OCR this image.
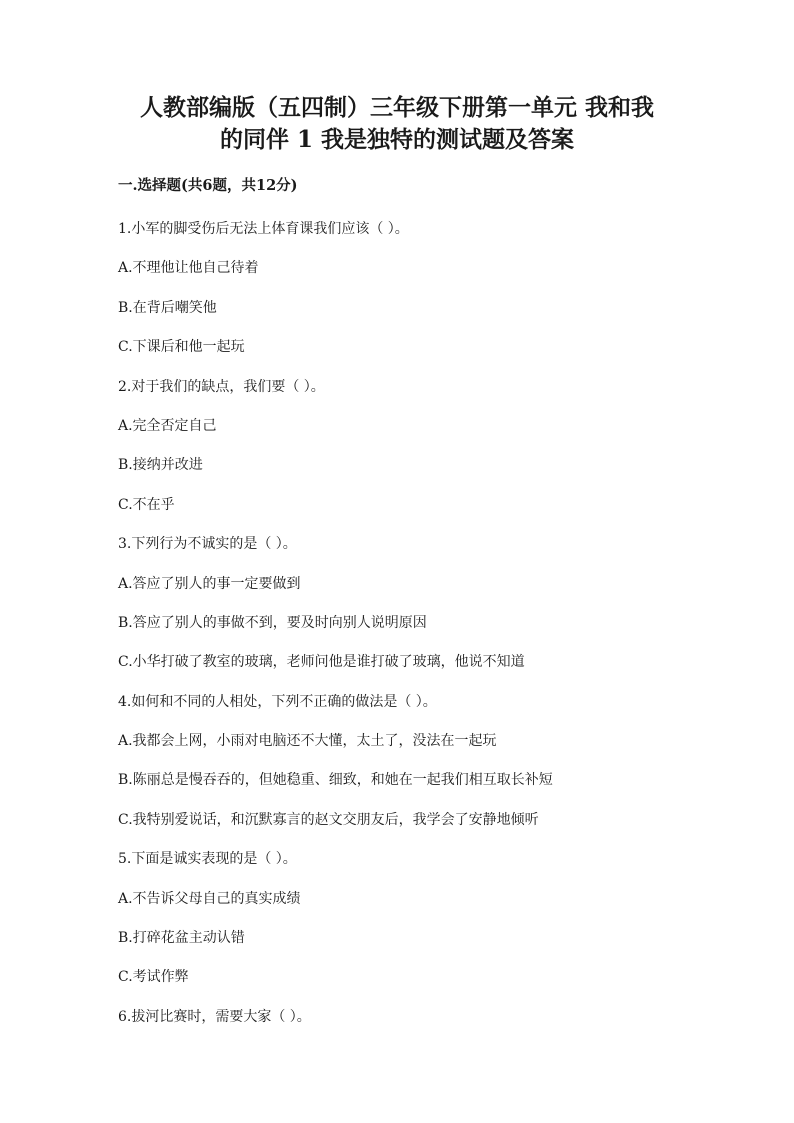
人教部编版（五四制）三年级下册第一单元 我和我
的同伴 1 我是独特的测试题及答案
一.选择题(共6题，共12分)
1.小军的脚受伤后无法上体育课我们应该（ ）。
A.不理他让他自己待着
B.在背后嘲笑他
C.下课后和他一起玩
2.对于我们的缺点，我们要（ ）。
A.完全否定自己
B.接纳并改进
C.不在乎
3.下列行为不诚实的是（ ）。
A.答应了别人的事一定要做到
B.答应了别人的事做不到，要及时向别人说明原因
C.小华打破了教室的玻璃，老师问他是谁打破了玻璃，他说不知道
4.如何和不同的人相处，下列不正确的做法是（ ）。
A.我都会上网，小雨对电脑还不大懂，太土了，没法在一起玩
B.陈丽总是慢吞吞的，但她稳重、细致，和她在一起我们相互取长补短
C.我特别爱说话，和沉默寡言的赵文交朋友后，我学会了安静地倾听
5.下面是诚实表现的是（ ）。
A.不告诉父母自己的真实成绩
B.打碎花盆主动认错
C.考试作弊
6.拔河比赛时，需要大家（ ）。
